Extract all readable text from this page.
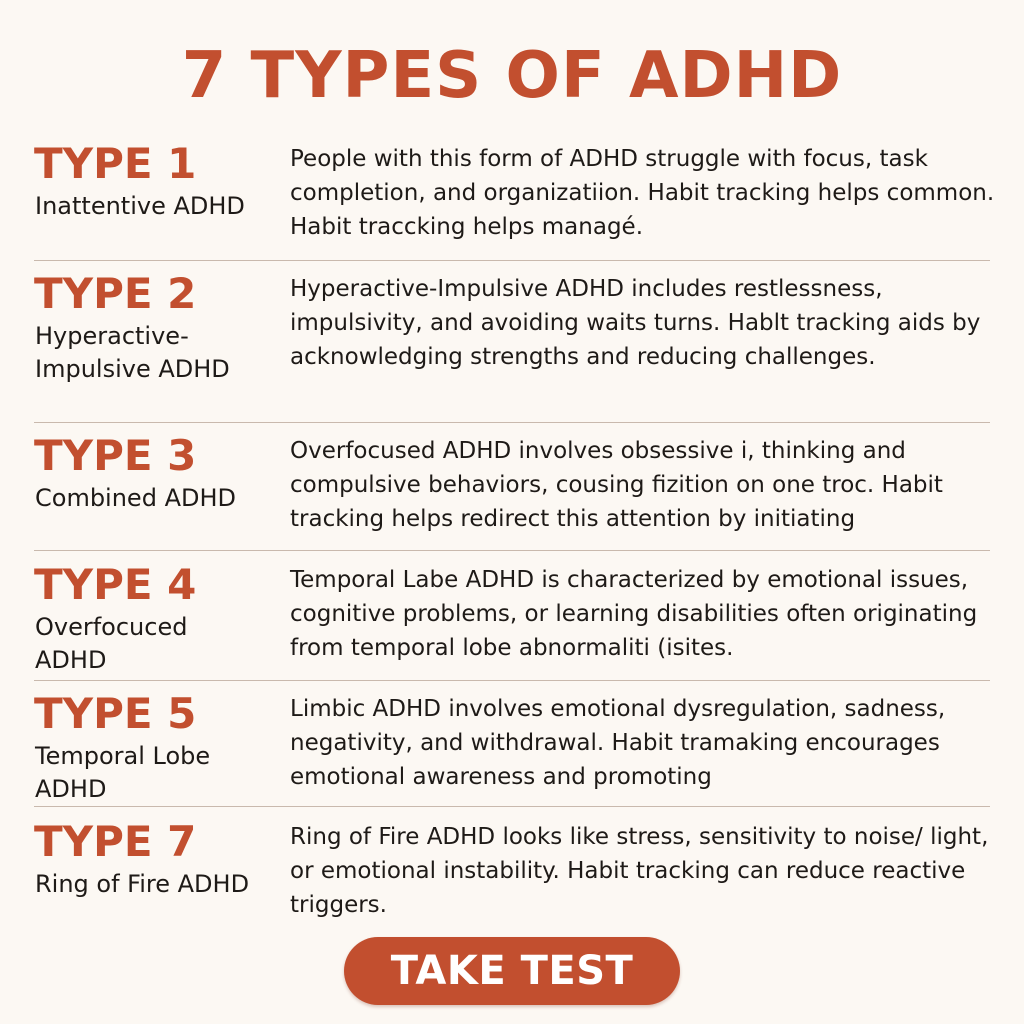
7 TYPES OF ADHD
TYPE 1
Inattentive ADHD
People with this form of ADHD struggle with focus, task completion, and organizatiion. Habit tracking helps common. Habit traccking helps managé.
TYPE 2
Hyperactive-Impulsive ADHD
Hyperactive-Impulsive ADHD includes restlessness, impulsivity, and avoiding waits turns. Hablt tracking aids by acknowledging strengths and reducing challenges.
TYPE 3
Combined ADHD
Overfocused ADHD involves obsessive i, thinking and compulsive behaviors, cousing fizition on one troc. Habit tracking helps redirect this attention by initiating
TYPE 4
Overfocuced ADHD
Temporal Labe ADHD is characterized by emotional issues, cognitive problems, or learning disabilities often originating from temporal lobe abnormaliti (isites.
TYPE 5
Temporal Lobe ADHD
Limbic ADHD involves emotional dysregulation, sadness, negativity, and withdrawal. Habit tramaking encourages emotional awareness and promoting
TYPE 7
Ring of Fire ADHD
Ring of Fire ADHD looks like stress, sensitivity to noise/ light, or emotional instability. Habit tracking can reduce reactive triggers.
TAKE TEST
